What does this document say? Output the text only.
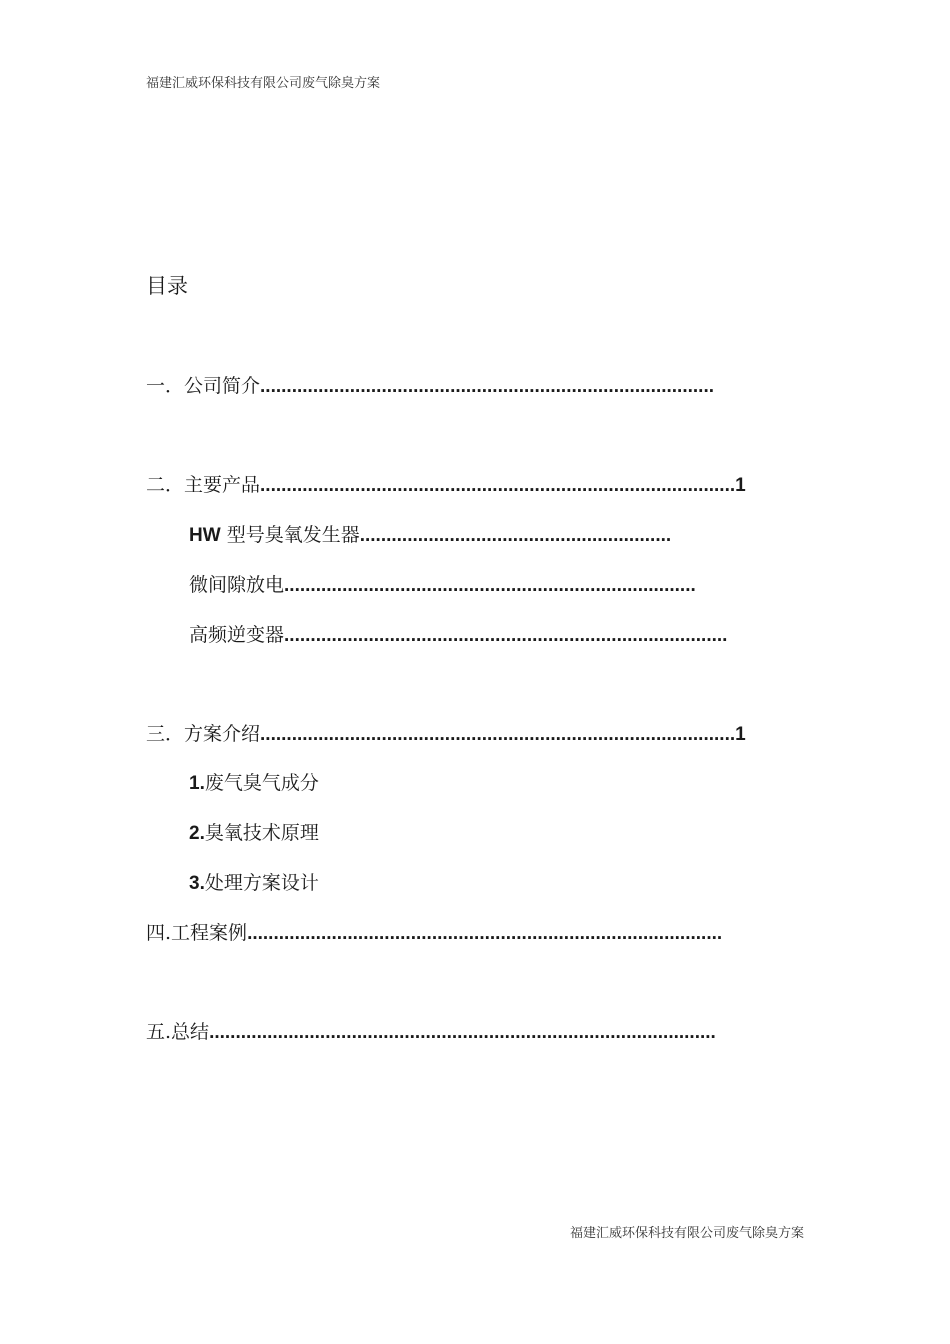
福建汇威环保科技有限公司废气除臭方案
目录
一．公司简介......................................................................................
二．主要产品..........................................................................................1
HW 型号臭氧发生器...........................................................
微间隙放电..............................................................................
高频逆变器....................................................................................
三．方案介绍..........................................................................................1
1.废气臭气成分
2.臭氧技术原理
3.处理方案设计
四.工程案例..........................................................................................
五.总结................................................................................................
福建汇威环保科技有限公司废气除臭方案
